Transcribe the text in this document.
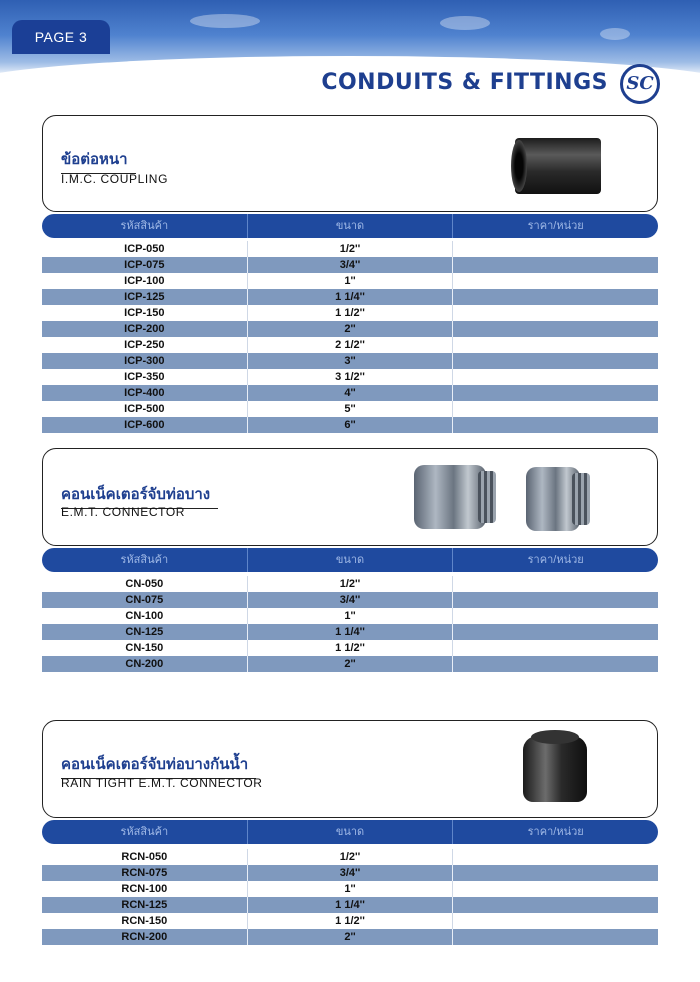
PAGE 3
CONDUITS & FITTINGS	SC
ข้อต่อหนา
I.M.C. COUPLING
รหัสสินค้า	ขนาด	ราคา/หน่วย
ICP-050	1/2''
ICP-075	3/4''
ICP-100	1''
ICP-125	1 1/4''
ICP-150	1 1/2''
ICP-200	2''
ICP-250	2 1/2''
ICP-300	3''
ICP-350	3 1/2''
ICP-400	4''
ICP-500	5''
ICP-600	6''
คอนเน็คเตอร์จับท่อบาง
E.M.T. CONNECTOR
รหัสสินค้า	ขนาด	ราคา/หน่วย
CN-050	1/2''
CN-075	3/4''
CN-100	1''
CN-125	1 1/4''
CN-150	1 1/2''
CN-200	2''
คอนเน็คเตอร์จับท่อบางกันน้ำ
RAIN TIGHT E.M.T. CONNECTOR
รหัสสินค้า	ขนาด	ราคา/หน่วย
RCN-050	1/2''
RCN-075	3/4''
RCN-100	1''
RCN-125	1 1/4''
RCN-150	1 1/2''
RCN-200	2''
